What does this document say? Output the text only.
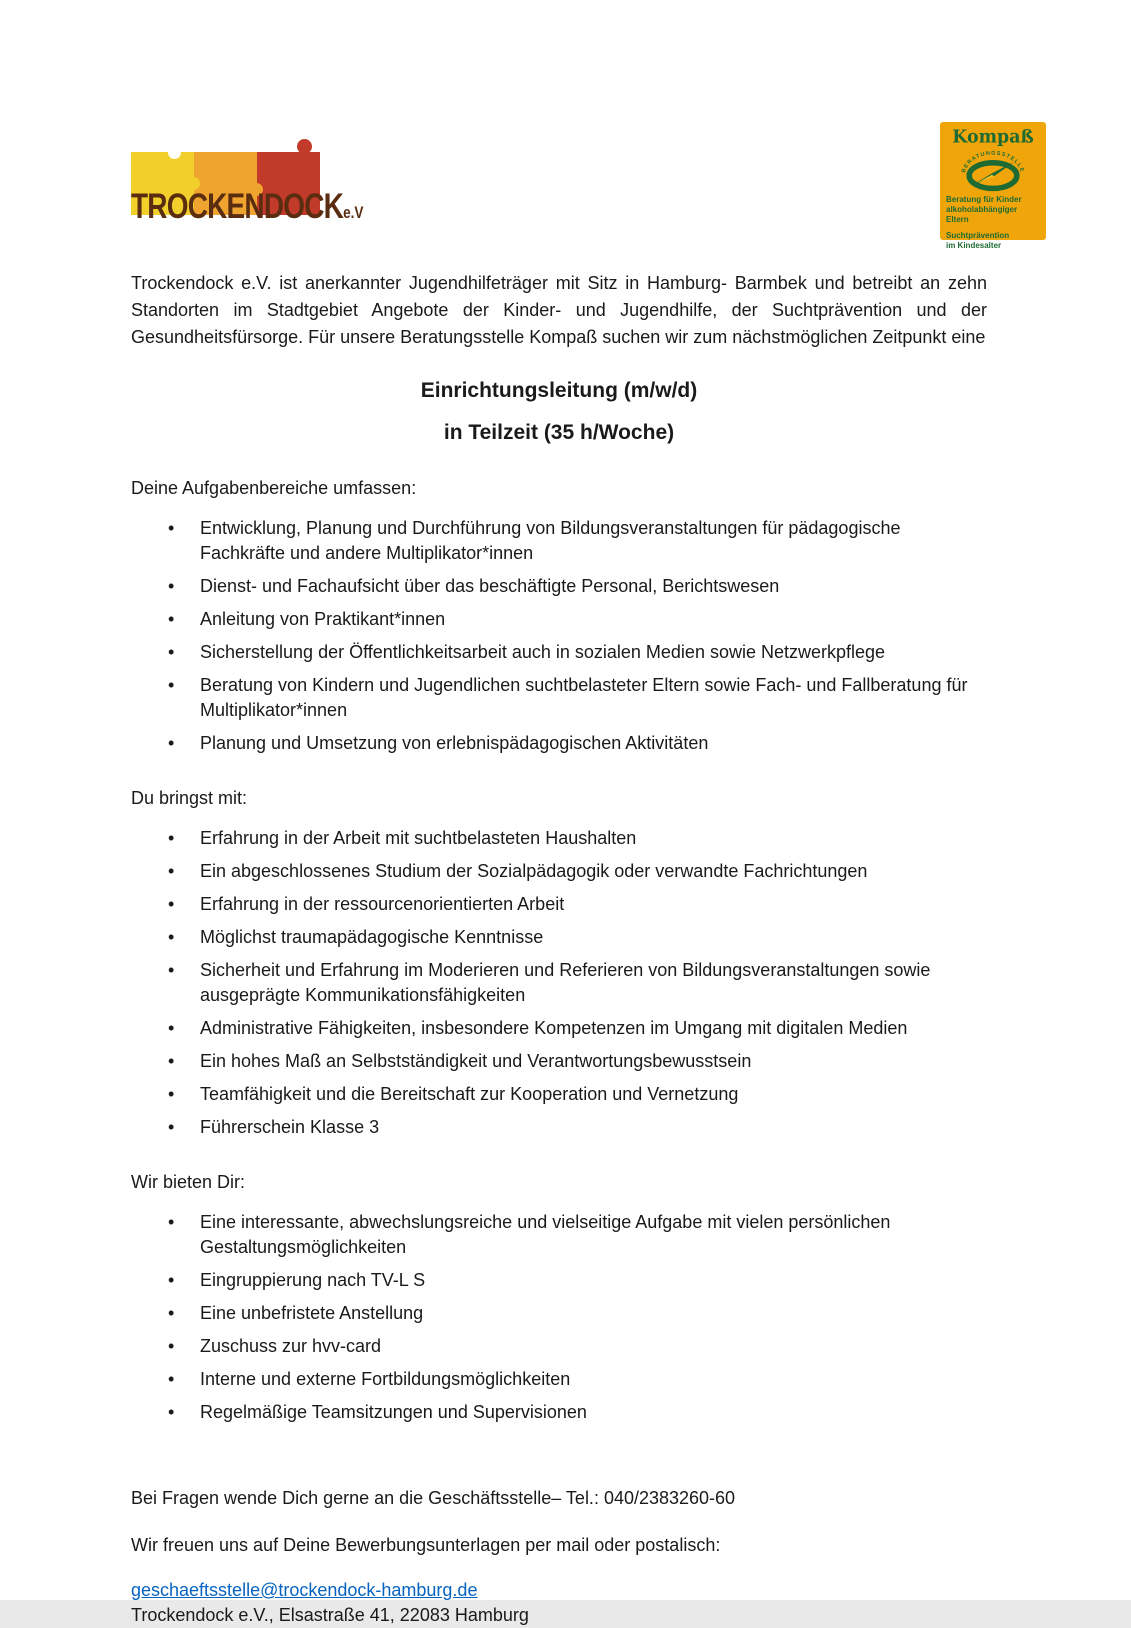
TROCKENDOCKe.V
Kompaß
BERATUNGSSTELLE
Beratung für Kinder
alkoholabhängiger Eltern
Suchtprävention
im Kindesalter

Trockendock e.V. ist anerkannter Jugendhilfeträger mit Sitz in Hamburg- Barmbek und betreibt an zehn Standorten im Stadtgebiet Angebote der Kinder- und Jugendhilfe, der Suchtprävention und der Gesundheitsfürsorge. Für unsere Beratungsstelle Kompaß suchen wir zum nächstmöglichen Zeitpunkt eine

Einrichtungsleitung (m/w/d)
in Teilzeit (35 h/Woche)

Deine Aufgabenbereiche umfassen:

• Entwicklung, Planung und Durchführung von Bildungsveranstaltungen für pädagogische Fachkräfte und andere Multiplikator*innen
• Dienst- und Fachaufsicht über das beschäftigte Personal, Berichtswesen
• Anleitung von Praktikant*innen
• Sicherstellung der Öffentlichkeitsarbeit auch in sozialen Medien sowie Netzwerkpflege
• Beratung von Kindern und Jugendlichen suchtbelasteter Eltern sowie Fach- und Fallberatung für Multiplikator*innen
• Planung und Umsetzung von erlebnispädagogischen Aktivitäten

Du bringst mit:

• Erfahrung in der Arbeit mit suchtbelasteten Haushalten
• Ein abgeschlossenes Studium der Sozialpädagogik oder verwandte Fachrichtungen
• Erfahrung in der ressourcenorientierten Arbeit
• Möglichst traumapädagogische Kenntnisse
• Sicherheit und Erfahrung im Moderieren und Referieren von Bildungsveranstaltungen sowie ausgeprägte Kommunikationsfähigkeiten
• Administrative Fähigkeiten, insbesondere Kompetenzen im Umgang mit digitalen Medien
• Ein hohes Maß an Selbstständigkeit und Verantwortungsbewusstsein
• Teamfähigkeit und die Bereitschaft zur Kooperation und Vernetzung
• Führerschein Klasse 3

Wir bieten Dir:

• Eine interessante, abwechslungsreiche und vielseitige Aufgabe mit vielen persönlichen Gestaltungsmöglichkeiten
• Eingruppierung nach TV-L S
• Eine unbefristete Anstellung
• Zuschuss zur hvv-card
• Interne und externe Fortbildungsmöglichkeiten
• Regelmäßige Teamsitzungen und Supervisionen

Bei Fragen wende Dich gerne an die Geschäftsstelle– Tel.: 040/2383260-60

Wir freuen uns auf Deine Bewerbungsunterlagen per mail oder postalisch:

geschaeftsstelle@trockendock-hamburg.de

Trockendock e.V., Elsastraße 41, 22083 Hamburg
